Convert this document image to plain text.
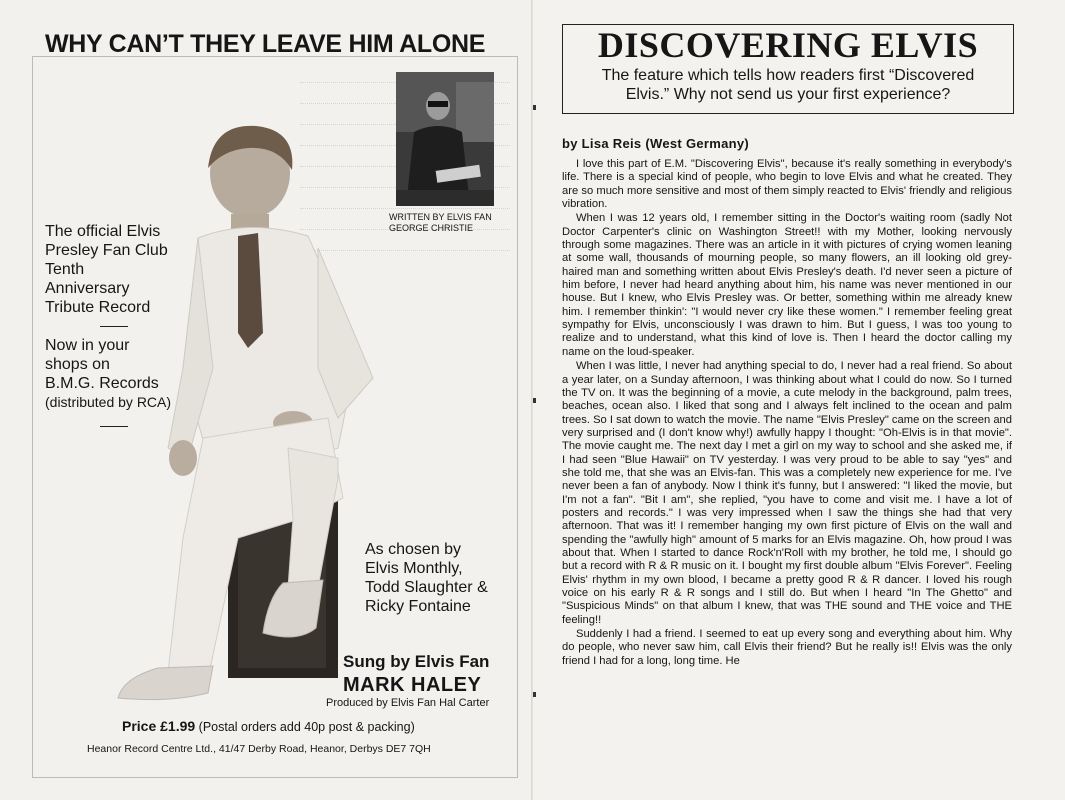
WHY CAN’T THEY LEAVE HIM ALONE
WRITTEN BY ELVIS FAN
GEORGE CHRISTIE
The official Elvis
Presley Fan Club
Tenth
Anniversary
Tribute Record
Now in your
shops on
B.M.G. Records
(distributed by RCA)
As chosen by
Elvis Monthly,
Todd Slaughter &
Ricky Fontaine
Sung by Elvis Fan
MARK HALEY
Produced by Elvis Fan Hal Carter
Price £1.99 (Postal orders add 40p post & packing)
Heanor Record Centre Ltd., 41/47 Derby Road, Heanor, Derbys DE7 7QH
DISCOVERING ELVIS
The feature which tells how readers first “Discovered
Elvis.” Why not send us your first experience?
by Lisa Reis (West Germany)

I love this part of E.M. "Discovering Elvis", because it's really something in everybody's life. There is a special kind of people, who begin to love Elvis and what he created. They are so much more sensitive and most of them simply reacted to Elvis' friendly and religious vibration.

When I was 12 years old, I remember sitting in the Doctor's waiting room (sadly Not Doctor Carpenter's clinic on Washington Street!! with my Mother, looking nervously through some magazines. There was an article in it with pictures of crying women leaning at some wall, thousands of mourning people, so many flowers, an ill looking old grey-haired man and something written about Elvis Presley's death. I'd never seen a picture of him before, I never had heard anything about him, his name was never mentioned in our house. But I knew, who Elvis Presley was. Or better, something within me already knew him. I remember thinkin': "I would never cry like these women." I remember feeling great sympathy for Elvis, unconsciously I was drawn to him. But I guess, I was too young to realize and to understand, what this kind of love is. Then I heard the doctor calling my name on the loud-speaker.

When I was little, I never had anything special to do, I never had a real friend. So about a year later, on a Sunday afternoon, I was thinking about what I could do now. So I turned the TV on. It was the beginning of a movie, a cute melody in the background, palm trees, beaches, ocean also. I liked that song and I always felt inclined to the ocean and palm trees. So I sat down to watch the movie. The name "Elvis Presley" came on the screen and very surprised and (I don't know why!) awfully happy I thought: "Oh-Elvis is in that movie". The movie caught me. The next day I met a girl on my way to school and she asked me, if I had seen "Blue Hawaii" on TV yesterday. I was very proud to be able to say "yes" and she told me, that she was an Elvis-fan. This was a completely new experience for me. I've never been a fan of anybody. Now I think it's funny, but I answered: "I liked the movie, but I'm not a fan". "Bit I am", she replied, "you have to come and visit me. I have a lot of posters and records." I was very impressed when I saw the things she had that very afternoon. That was it! I remember hanging my own first picture of Elvis on the wall and spending the "awfully high" amount of 5 marks for an Elvis magazine. Oh, how proud I was about that. When I started to dance Rock'n'Roll with my brother, he told me, I should go but a record with R & R music on it. I bought my first double album "Elvis Forever". Feeling Elvis' rhythm in my own blood, I became a pretty good R & R dancer. I loved his rough voice on his early R & R songs and I still do. But when I heard "In The Ghetto" and "Suspicious Minds" on that album I knew, that was THE sound and THE voice and THE feeling!!

Suddenly I had a friend. I seemed to eat up every song and everything about him. Why do people, who never saw him, call Elvis their friend? But he really is!! Elvis was the only friend I had for a long, long time. He
